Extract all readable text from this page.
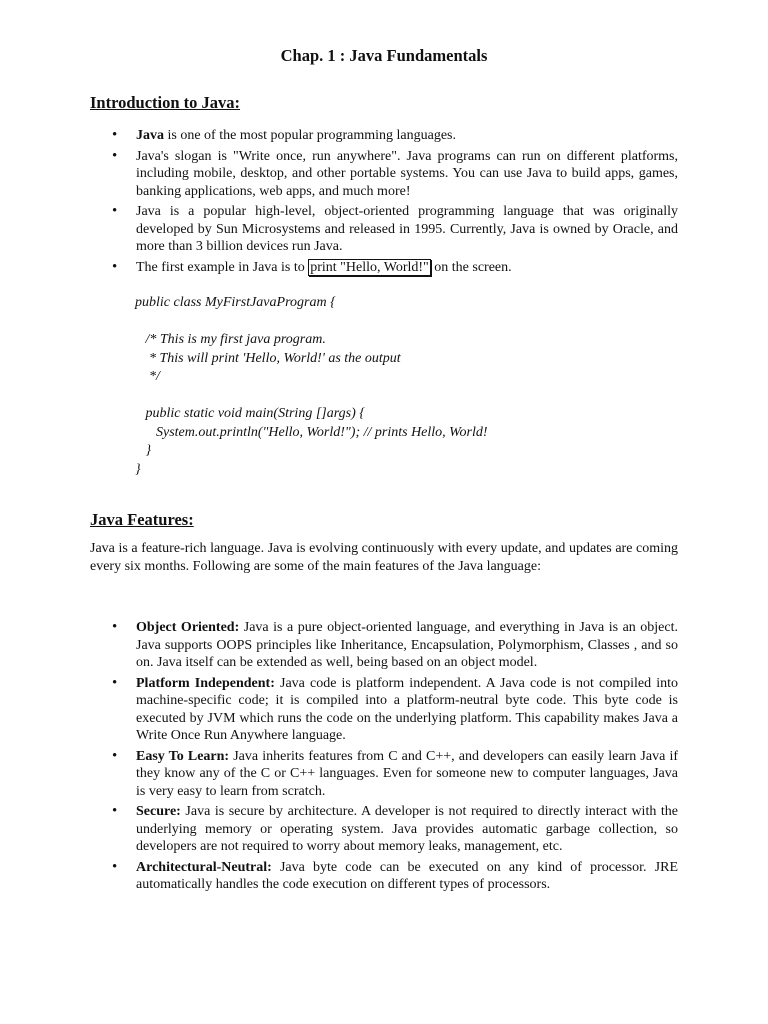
Chap. 1 : Java Fundamentals
Introduction to Java:
• Java is one of the most popular programming languages.
• Java's slogan is "Write once, run anywhere". Java programs can run on different platforms, including mobile, desktop, and other portable systems. You can use Java to build apps, games, banking applications, web apps, and much more!
• Java is a popular high-level, object-oriented programming language that was originally developed by Sun Microsystems and released in 1995. Currently, Java is owned by Oracle, and more than 3 billion devices run Java.
• The first example in Java is to print "Hello, World!" on the screen.
public class MyFirstJavaProgram {

/* This is my first java program.
* This will print 'Hello, World!' as the output
*/

public static void main(String []args) {
System.out.println("Hello, World!"); // prints Hello, World!
}
}
Java Features:

Java is a feature-rich language. Java is evolving continuously with every update, and updates are coming every six months. Following are some of the main features of the Java language:

• Object Oriented: Java is a pure object-oriented language, and everything in Java is an object. Java supports OOPS principles like Inheritance, Encapsulation, Polymorphism, Classes , and so on. Java itself can be extended as well, being based on an object model.
• Platform Independent: Java code is platform independent. A Java code is not compiled into machine-specific code; it is compiled into a platform-neutral byte code. This byte code is executed by JVM which runs the code on the underlying platform. This capability makes Java a Write Once Run Anywhere language.
• Easy To Learn: Java inherits features from C and C++, and developers can easily learn Java if they know any of the C or C++ languages. Even for someone new to computer languages, Java is very easy to learn from scratch.
• Secure: Java is secure by architecture. A developer is not required to directly interact with the underlying memory or operating system. Java provides automatic garbage collection, so developers are not required to worry about memory leaks, management, etc.
• Architectural-Neutral: Java byte code can be executed on any kind of processor. JRE automatically handles the code execution on different types of processors.
